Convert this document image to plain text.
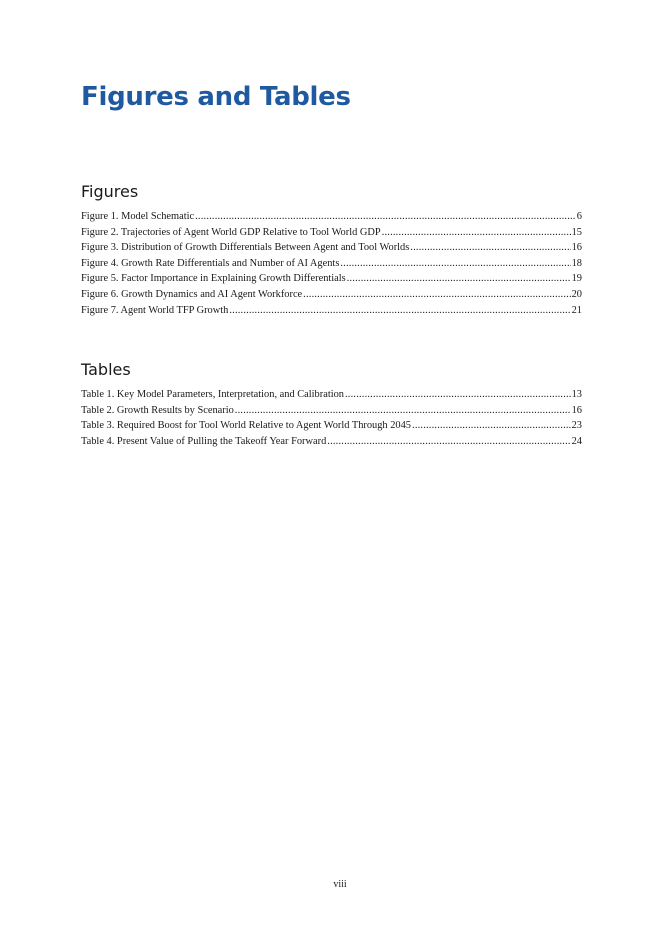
Figures and Tables
Figures
Figure 1. Model Schematic .....	6
Figure 2. Trajectories of Agent World GDP Relative to Tool World GDP .....	15
Figure 3. Distribution of Growth Differentials Between Agent and Tool Worlds .....	16
Figure 4. Growth Rate Differentials and Number of AI Agents .....	18
Figure 5. Factor Importance in Explaining Growth Differentials .....	19
Figure 6. Growth Dynamics and AI Agent Workforce .....	20
Figure 7. Agent World TFP Growth .....	21
Tables
Table 1. Key Model Parameters, Interpretation, and Calibration .....	13
Table 2. Growth Results by Scenario .....	16
Table 3. Required Boost for Tool World Relative to Agent World Through 2045 .....	23
Table 4. Present Value of Pulling the Takeoff Year Forward .....	24
viii
